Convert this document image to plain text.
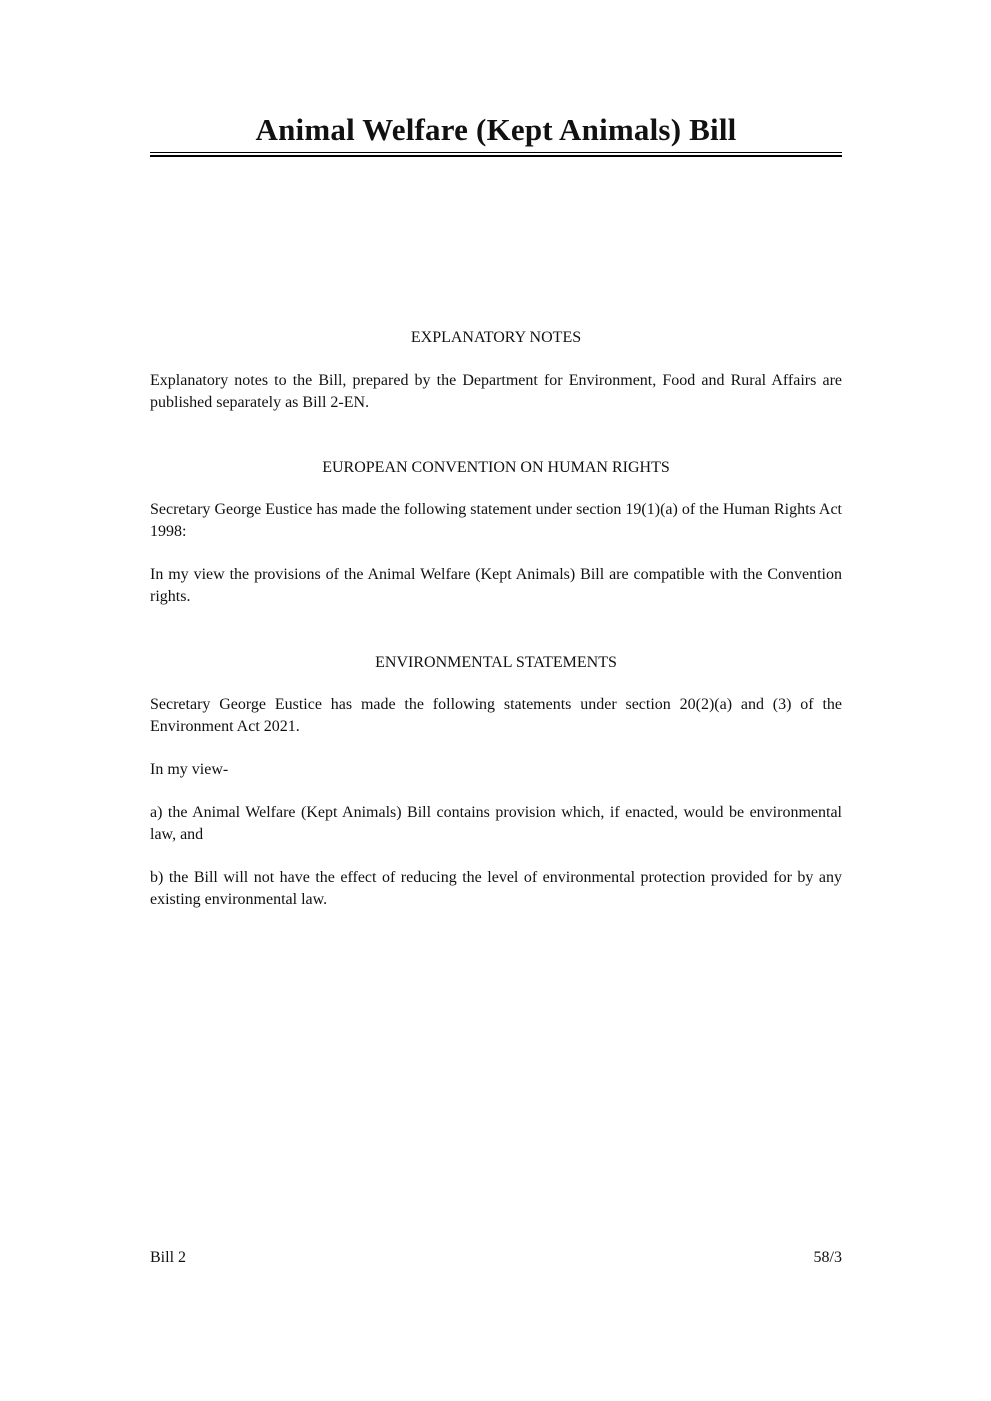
Animal Welfare (Kept Animals) Bill
EXPLANATORY NOTES
Explanatory notes to the Bill, prepared by the Department for Environment, Food and Rural Affairs are published separately as Bill 2-EN.
EUROPEAN CONVENTION ON HUMAN RIGHTS
Secretary George Eustice has made the following statement under section 19(1)(a) of the Human Rights Act 1998:
In my view the provisions of the Animal Welfare (Kept Animals) Bill are compatible with the Convention rights.
ENVIRONMENTAL STATEMENTS
Secretary George Eustice has made the following statements under section 20(2)(a) and (3) of the Environment Act 2021.
In my view-
a) the Animal Welfare (Kept Animals) Bill contains provision which, if enacted, would be environmental law, and
b) the Bill will not have the effect of reducing the level of environmental protection provided for by any existing environmental law.
Bill 2	58/3
